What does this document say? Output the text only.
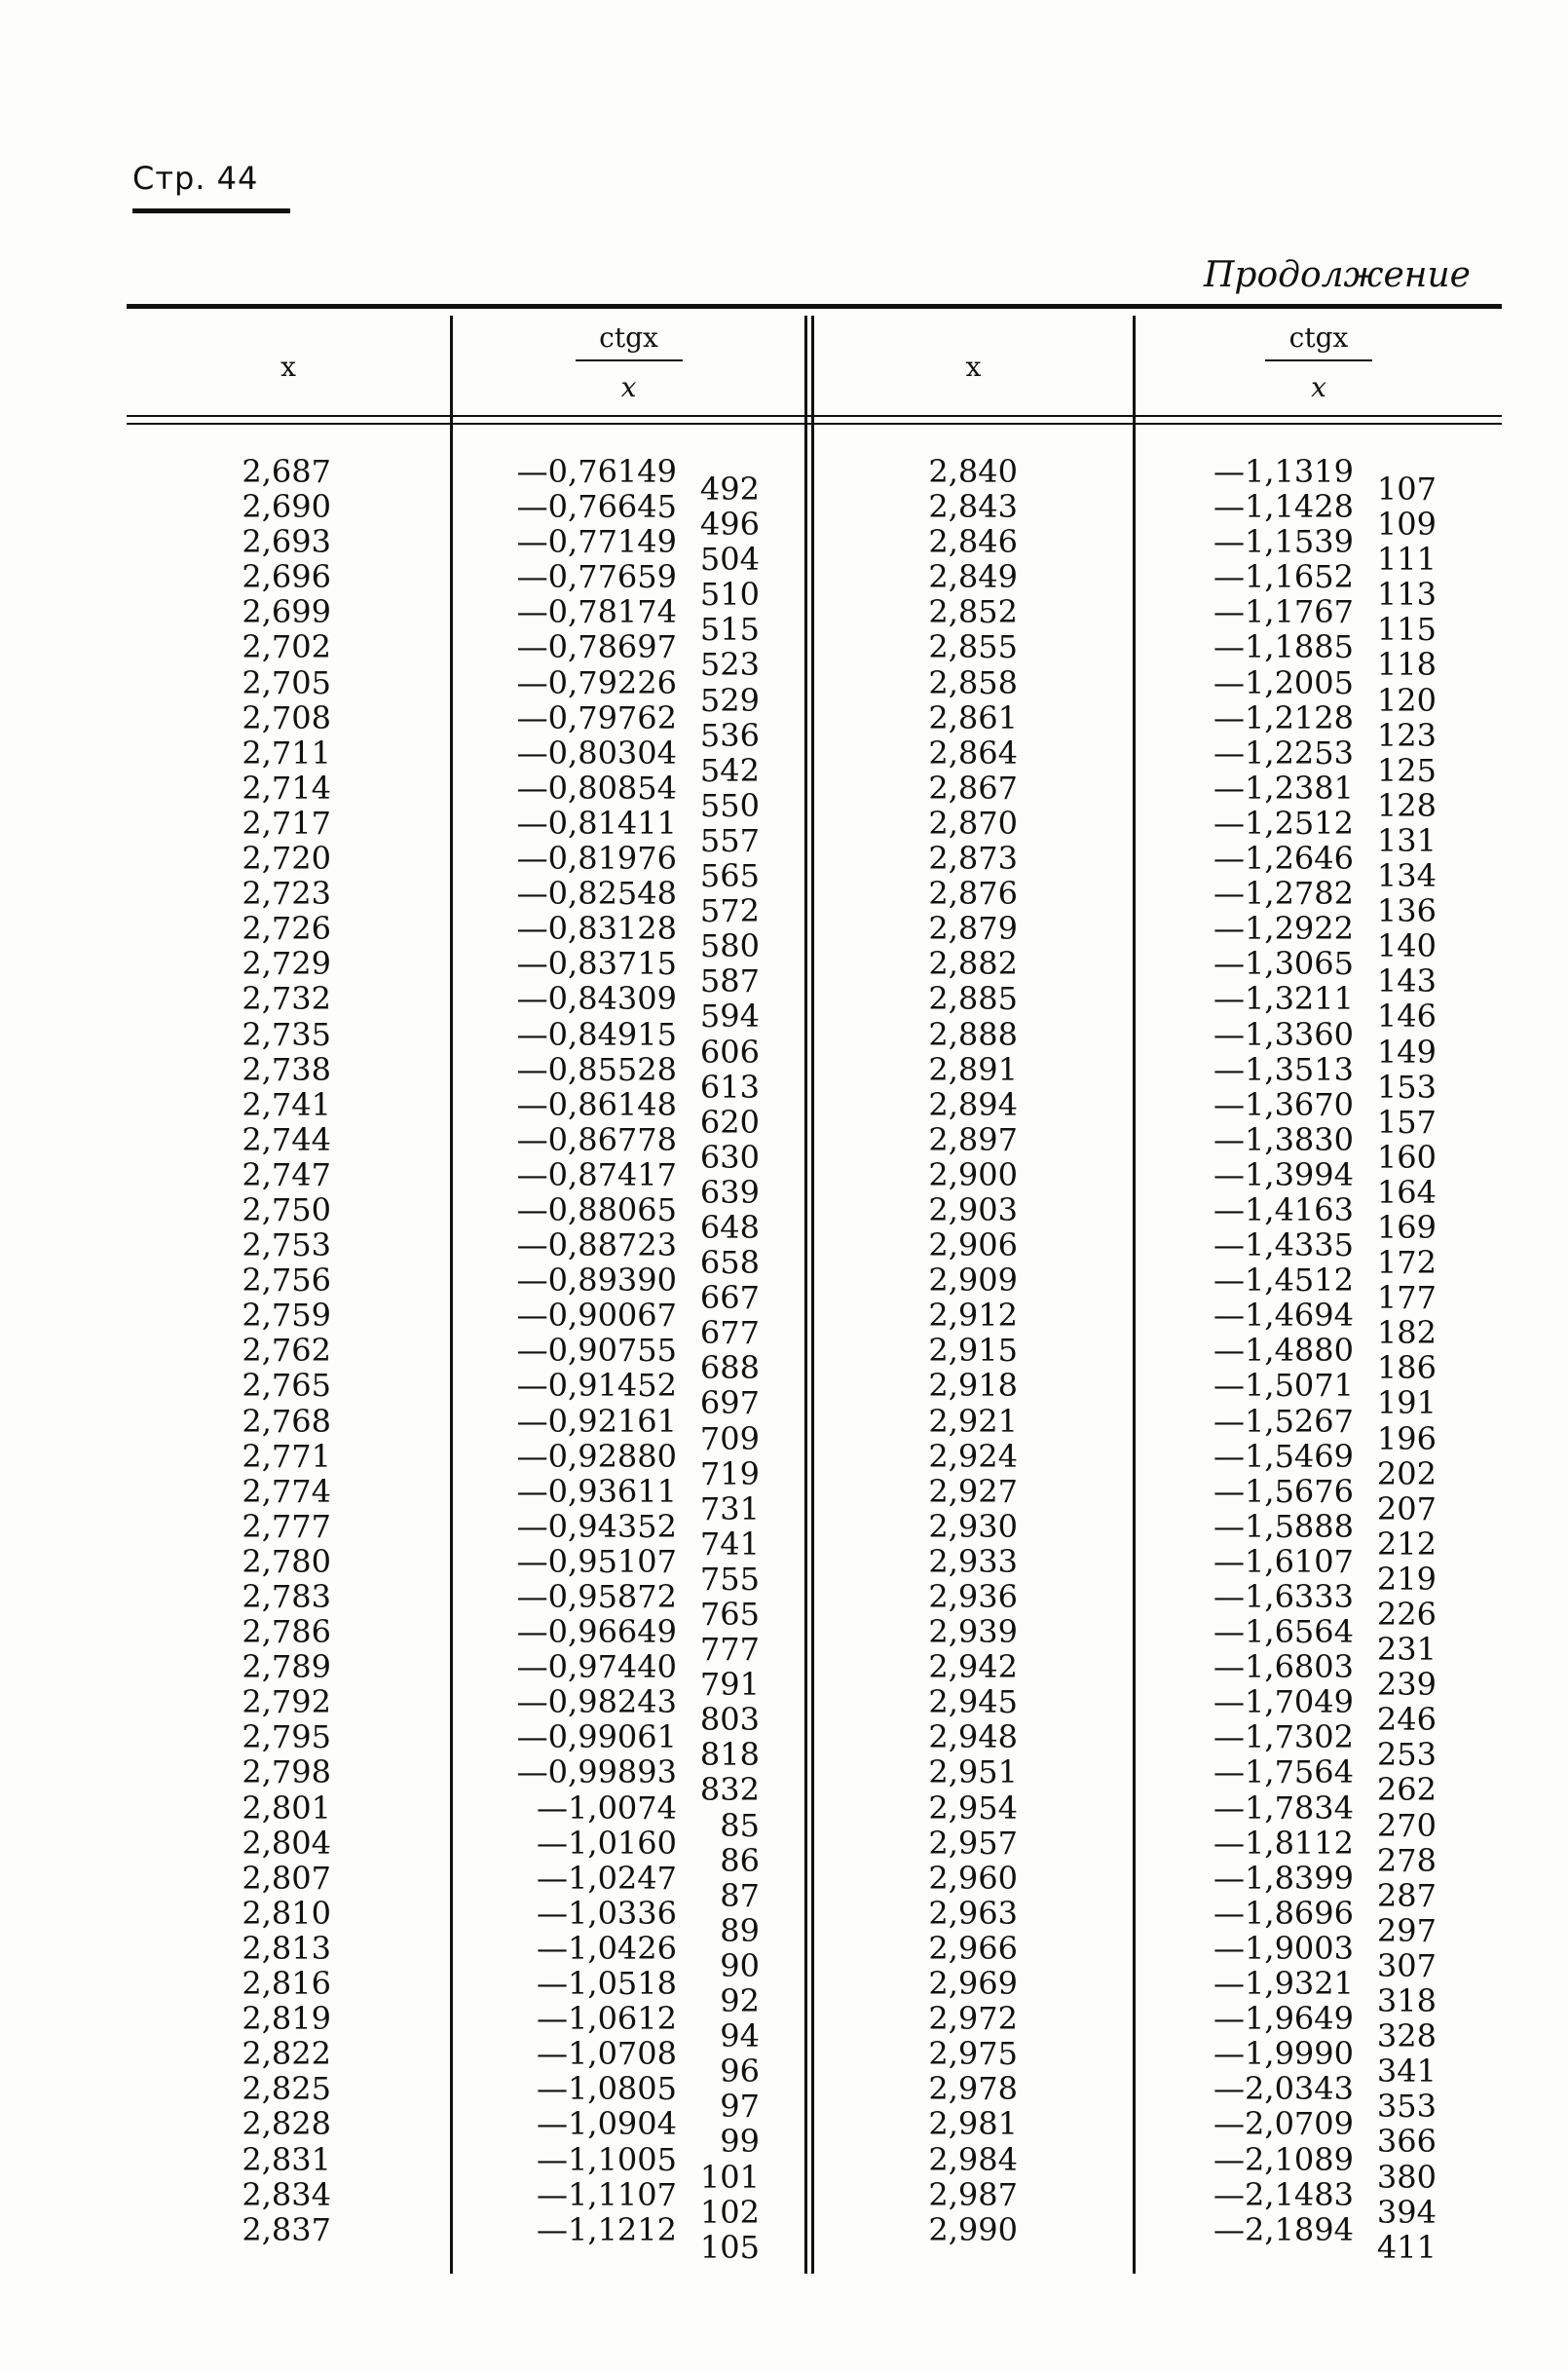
Стр. 44
Продолжение
x
ctgx
x
x
ctgx
x
2,687
2,690
2,693
2,696
2,699
2,702
2,705
2,708
2,711
2,714
2,717
2,720
2,723
2,726
2,729
2,732
2,735
2,738
2,741
2,744
2,747
2,750
2,753
2,756
2,759
2,762
2,765
2,768
2,771
2,774
2,777
2,780
2,783
2,786
2,789
2,792
2,795
2,798
2,801
2,804
2,807
2,810
2,813
2,816
2,819
2,822
2,825
2,828
2,831
2,834
2,837
—0,76149
—0,76645
—0,77149
—0,77659
—0,78174
—0,78697
—0,79226
—0,79762
—0,80304
—0,80854
—0,81411
—0,81976
—0,82548
—0,83128
—0,83715
—0,84309
—0,84915
—0,85528
—0,86148
—0,86778
—0,87417
—0,88065
—0,88723
—0,89390
—0,90067
—0,90755
—0,91452
—0,92161
—0,92880
—0,93611
—0,94352
—0,95107
—0,95872
—0,96649
—0,97440
—0,98243
—0,99061
—0,99893
—1,0074
—1,0160
—1,0247
—1,0336
—1,0426
—1,0518
—1,0612
—1,0708
—1,0805
—1,0904
—1,1005
—1,1107
—1,1212
492
496
504
510
515
523
529
536
542
550
557
565
572
580
587
594
606
613
620
630
639
648
658
667
677
688
697
709
719
731
741
755
765
777
791
803
818
832
85
86
87
89
90
92
94
96
97
99
101
102
105
2,840
2,843
2,846
2,849
2,852
2,855
2,858
2,861
2,864
2,867
2,870
2,873
2,876
2,879
2,882
2,885
2,888
2,891
2,894
2,897
2,900
2,903
2,906
2,909
2,912
2,915
2,918
2,921
2,924
2,927
2,930
2,933
2,936
2,939
2,942
2,945
2,948
2,951
2,954
2,957
2,960
2,963
2,966
2,969
2,972
2,975
2,978
2,981
2,984
2,987
2,990
—1,1319
—1,1428
—1,1539
—1,1652
—1,1767
—1,1885
—1,2005
—1,2128
—1,2253
—1,2381
—1,2512
—1,2646
—1,2782
—1,2922
—1,3065
—1,3211
—1,3360
—1,3513
—1,3670
—1,3830
—1,3994
—1,4163
—1,4335
—1,4512
—1,4694
—1,4880
—1,5071
—1,5267
—1,5469
—1,5676
—1,5888
—1,6107
—1,6333
—1,6564
—1,6803
—1,7049
—1,7302
—1,7564
—1,7834
—1,8112
—1,8399
—1,8696
—1,9003
—1,9321
—1,9649
—1,9990
—2,0343
—2,0709
—2,1089
—2,1483
—2,1894
107
109
111
113
115
118
120
123
125
128
131
134
136
140
143
146
149
153
157
160
164
169
172
177
182
186
191
196
202
207
212
219
226
231
239
246
253
262
270
278
287
297
307
318
328
341
353
366
380
394
411
